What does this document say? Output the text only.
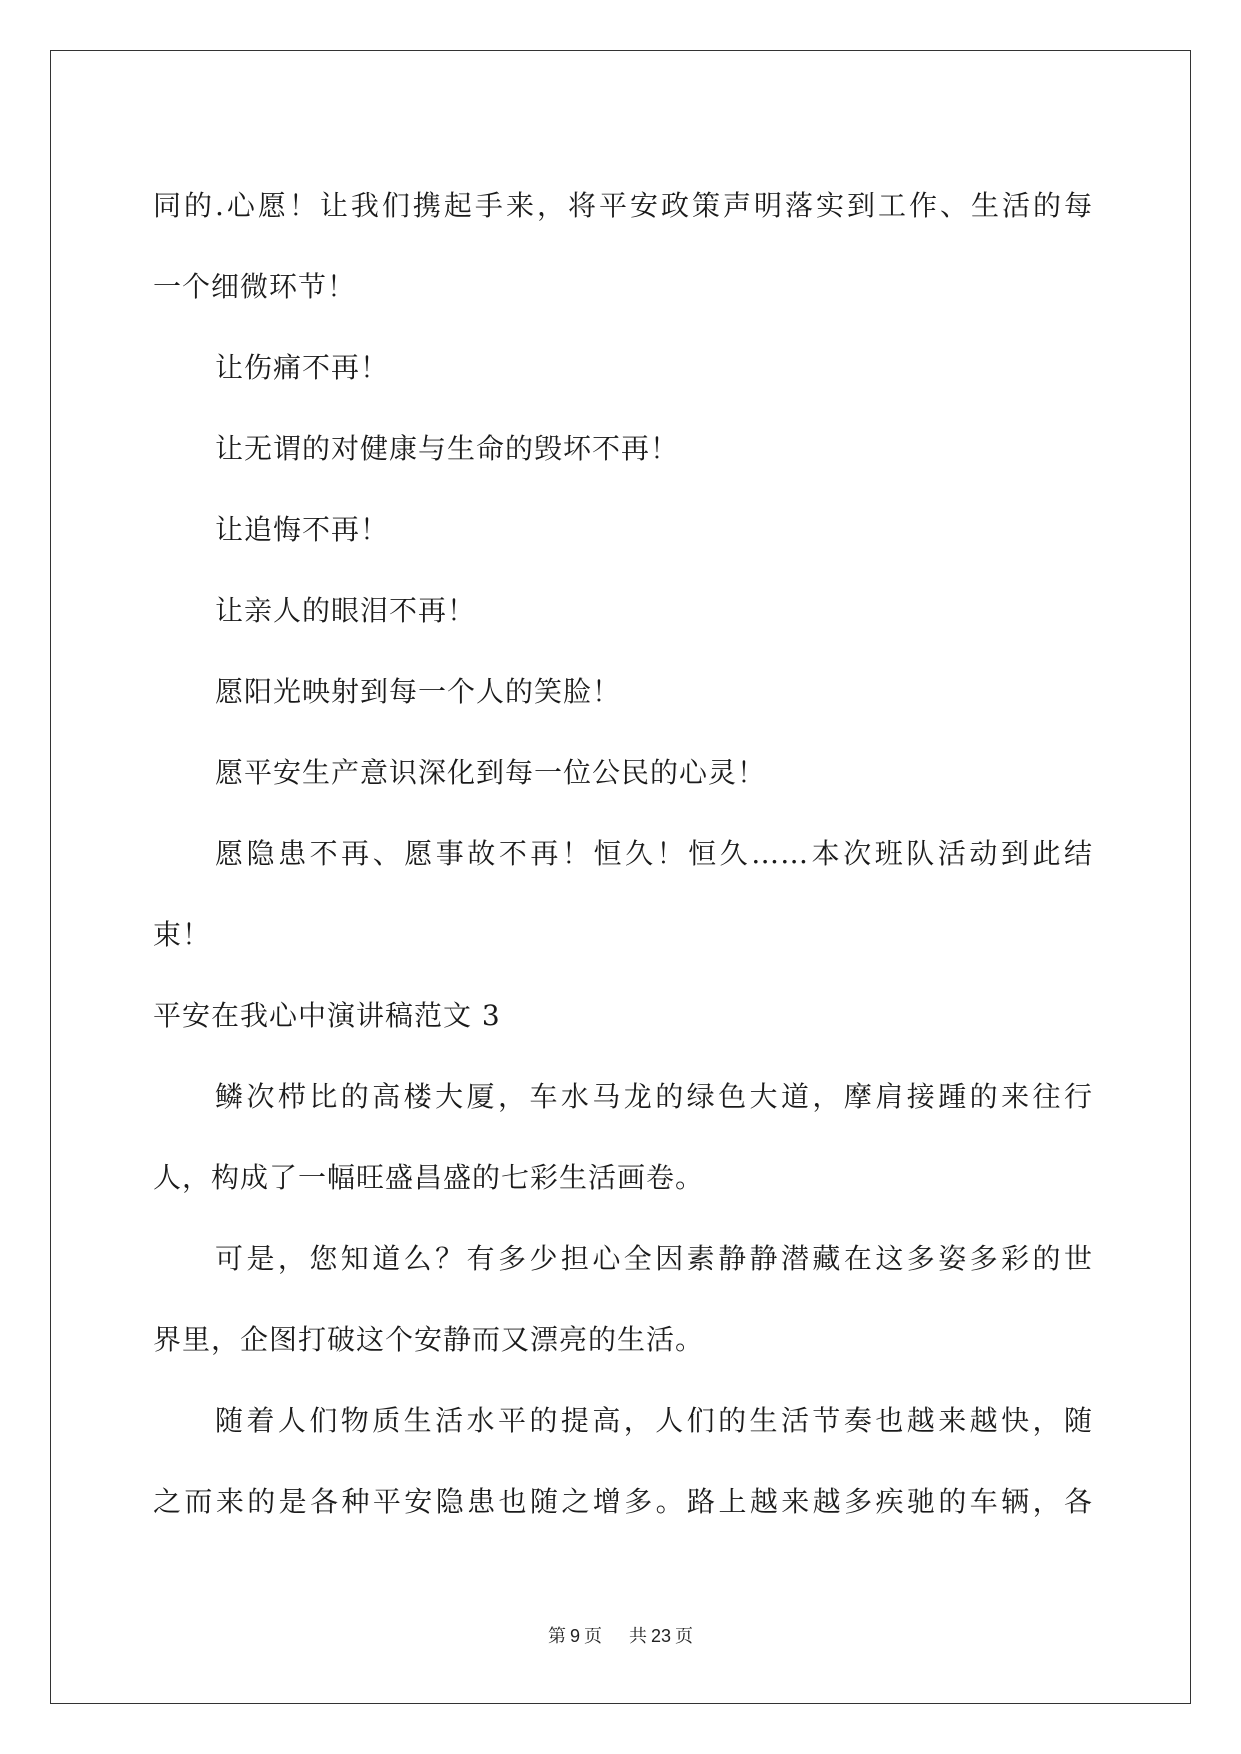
同的.心愿！让我们携起手来，将平安政策声明落实到工作、生活的每
一个细微环节！
让伤痛不再！
让无谓的对健康与生命的毁坏不再！
让追悔不再！
让亲人的眼泪不再！
愿阳光映射到每一个人的笑脸！
愿平安生产意识深化到每一位公民的心灵！
愿隐患不再、愿事故不再！恒久！恒久……本次班队活动到此结
束！
平安在我心中演讲稿范文 3
鳞次栉比的高楼大厦，车水马龙的绿色大道，摩肩接踵的来往行
人，构成了一幅旺盛昌盛的七彩生活画卷。
可是，您知道么？有多少担心全因素静静潜藏在这多姿多彩的世
界里，企图打破这个安静而又漂亮的生活。
随着人们物质生活水平的提高，人们的生活节奏也越来越快，随
之而来的是各种平安隐患也随之增多。路上越来越多疾驰的车辆，各
第 9 页 共 23 页
